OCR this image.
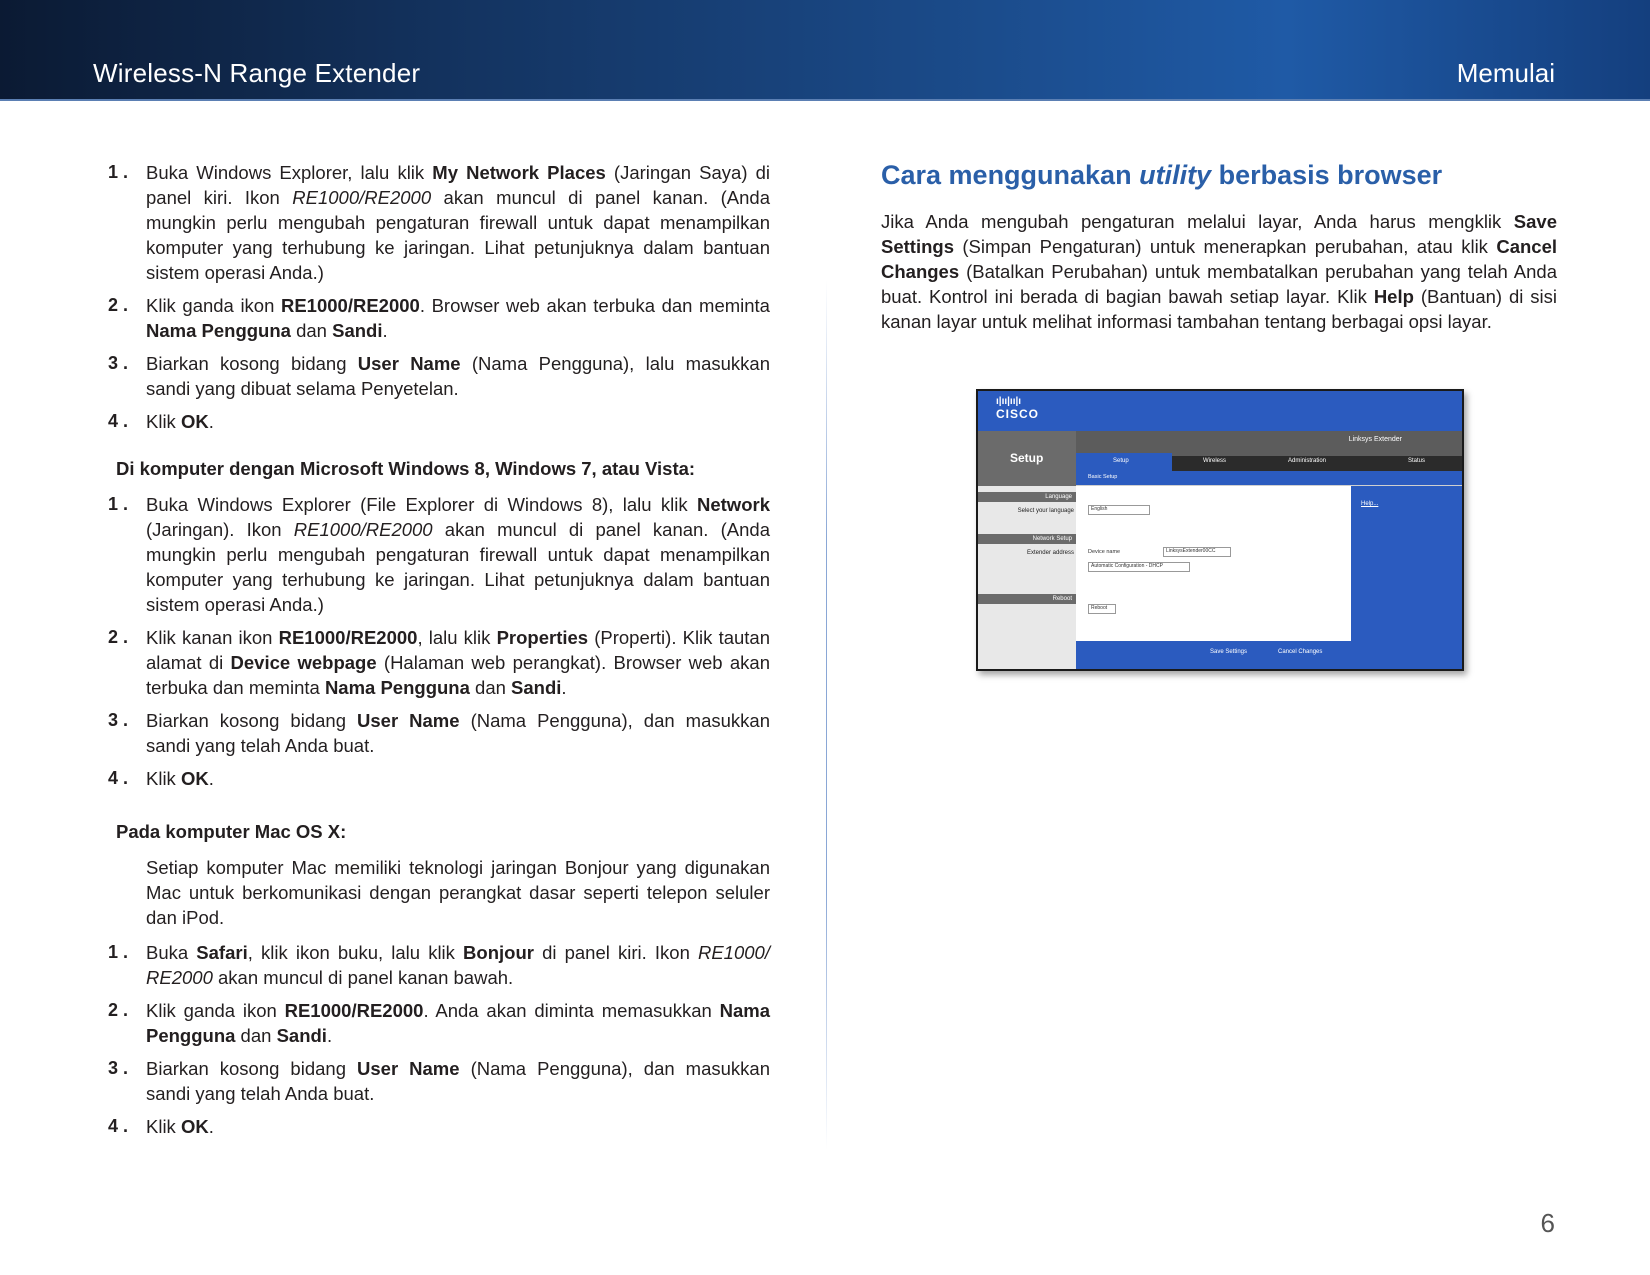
Wireless-N Range Extender	Memulai
1 . Buka Windows Explorer, lalu klik My Network Places (Jaringan Saya) di panel kiri. Ikon RE1000/RE2000 akan muncul di panel kanan. (Anda mungkin perlu mengubah pengaturan firewall untuk dapat menampilkan komputer yang terhubung ke jaringan. Lihat petunjuknya dalam bantuan sistem operasi Anda.)
2 . Klik ganda ikon RE1000/RE2000. Browser web akan terbuka dan meminta Nama Pengguna dan Sandi.
3 . Biarkan kosong bidang User Name (Nama Pengguna), lalu masukkan sandi yang dibuat selama Penyetelan.
4 . Klik OK.
Di komputer dengan Microsoft Windows 8, Windows 7, atau Vista:
1 . Buka Windows Explorer (File Explorer di Windows 8), lalu klik Network (Jaringan). Ikon RE1000/RE2000 akan muncul di panel kanan. (Anda mungkin perlu mengubah pengaturan firewall untuk dapat menampilkan komputer yang terhubung ke jaringan. Lihat petunjuknya dalam bantuan sistem operasi Anda.)
2 . Klik kanan ikon RE1000/RE2000, lalu klik Properties (Properti). Klik tautan alamat di Device webpage (Halaman web perangkat). Browser web akan terbuka dan meminta Nama Pengguna dan Sandi.
3 . Biarkan kosong bidang User Name (Nama Pengguna), dan masukkan sandi yang telah Anda buat.
4 . Klik OK.
Pada komputer Mac OS X:
Setiap komputer Mac memiliki teknologi jaringan Bonjour yang digunakan Mac untuk berkomunikasi dengan perangkat dasar seperti telepon seluler dan iPod.
1 . Buka Safari, klik ikon buku, lalu klik Bonjour di panel kiri. Ikon RE1000/ RE2000 akan muncul di panel kanan bawah.
2 . Klik ganda ikon RE1000/RE2000. Anda akan diminta memasukkan Nama Pengguna dan Sandi.
3 . Biarkan kosong bidang User Name (Nama Pengguna), dan masukkan sandi yang telah Anda buat.
4 . Klik OK.
Cara menggunakan utility berbasis browser
Jika Anda mengubah pengaturan melalui layar, Anda harus mengklik Save Settings (Simpan Pengaturan) untuk menerapkan perubahan, atau klik Cancel Changes (Batalkan Perubahan) untuk membatalkan perubahan yang telah Anda buat. Kontrol ini berada di bagian bawah setiap layar. Klik Help (Bantuan) di sisi kanan layar untuk melihat informasi tambahan tentang berbagai opsi layar.
ı|ıı|ıı|ı
CISCO
Setup
Linksys Extender
Setup	Wireless	Administration	Status
Basic Setup
Language
Select your language
Network Setup
Extender address
Reboot
English
Device name	LinksysExtender00CC
Automatic Configuration - DHCP
Reboot
Help...
Save Settings	Cancel Changes
6
